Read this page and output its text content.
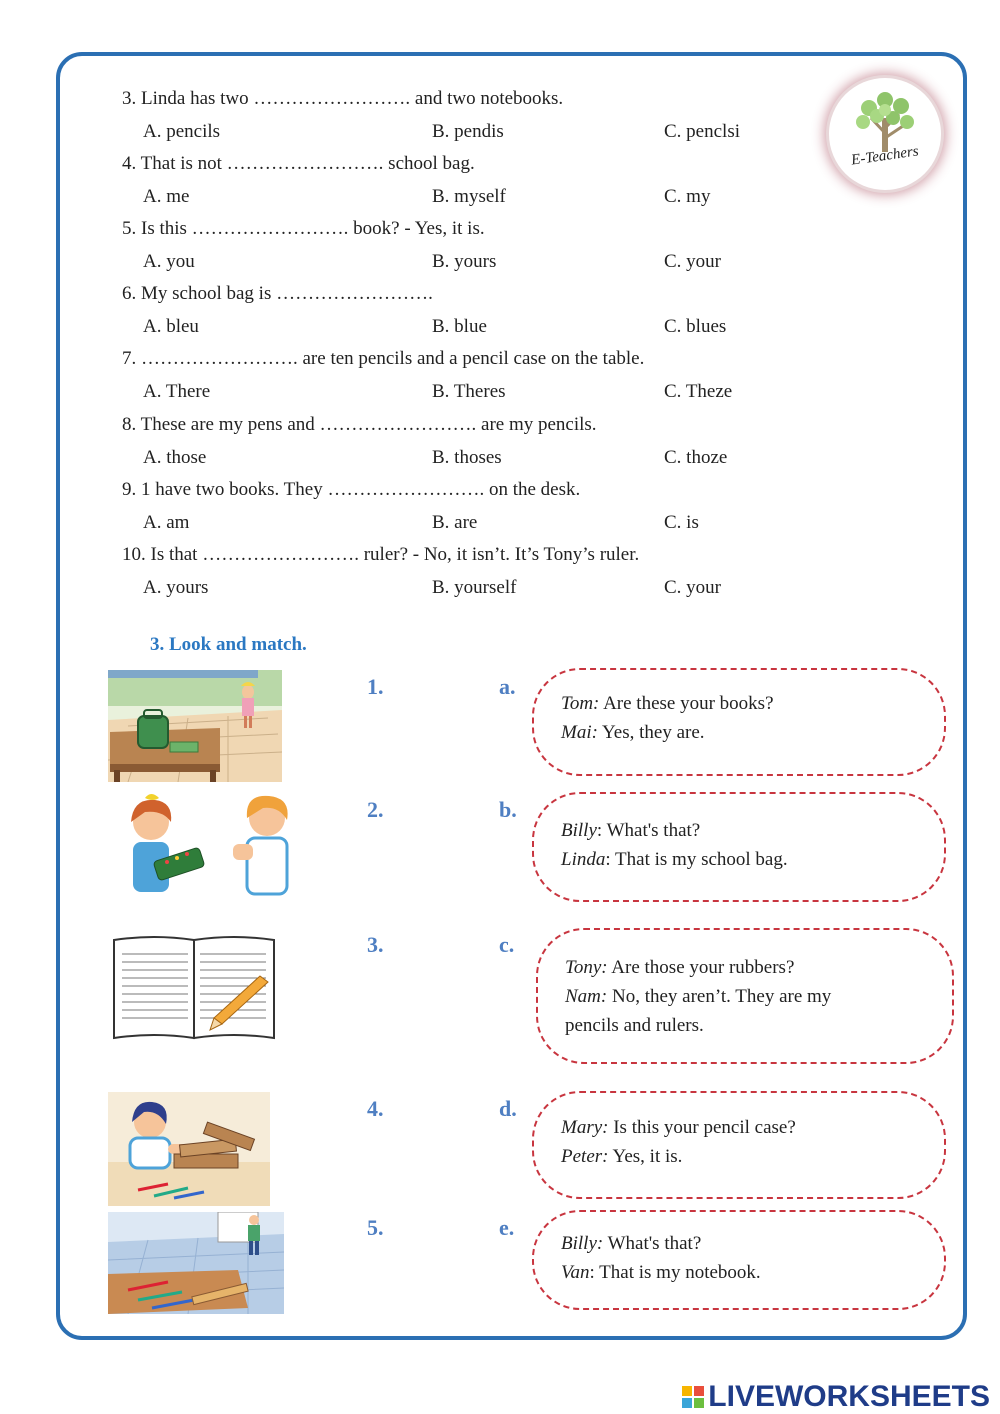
E-Teachers
3. Linda has two ……………………. and two notebooks.
A. pencils	B. pendis	C. penclsi
4. That is not ……………………. school bag.
A. me	B. myself	C. my
5. Is this ……………………. book? - Yes, it is.
A. you	B. yours	C. your
6. My school bag is …………………….
A. bleu	B. blue	C. blues
7. ……………………. are ten pencils and a pencil case on the table.
A. There	B. Theres	C. Theze
8. These are my pens and ……………………. are my pencils.
A. those	B. thoses	C. thoze
9. 1 have two books. They ……………………. on the desk.
A. am	B. are	C. is
10. Is that ……………………. ruler? - No, it isn’t. It’s Tony’s ruler.
A. yours	B. yourself	C. your
3. Look and match.
1.
2.
3.
4.
5.
a.
b.
c.
d.
e.
Tom: Are these your books?
Mai: Yes, they are.
Billy: What's that?
Linda: That is my school bag.
Tony: Are those your rubbers?
Nam: No, they aren’t. They are my
pencils and rulers.
Mary: Is this your pencil case?
Peter: Yes, it is.
Billy: What's that?
Van: That is my notebook.
LIVEWORKSHEETS
